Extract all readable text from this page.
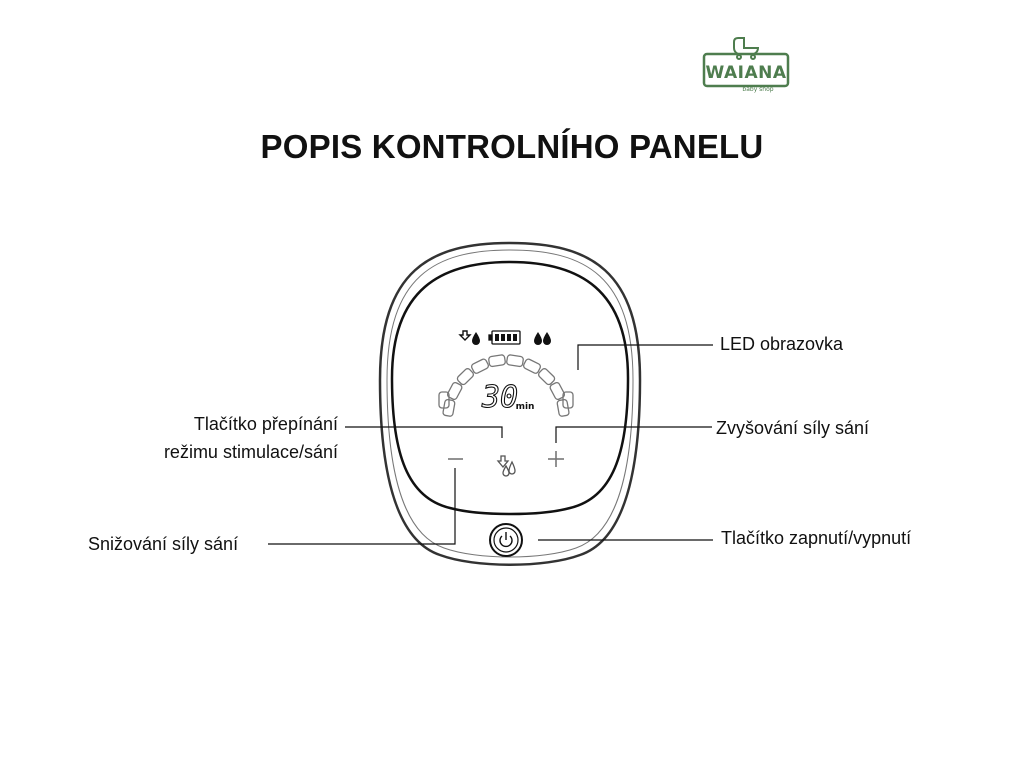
POPIS KONTROLNÍHO PANELU
WAIANA
baby shop
30
min
LED obrazovka
Tlačítko přepínání
režimu stimulace/sání
Zvyšování síly sání
Snižování síly sání	Tlačítko zapnutí/vypnutí
